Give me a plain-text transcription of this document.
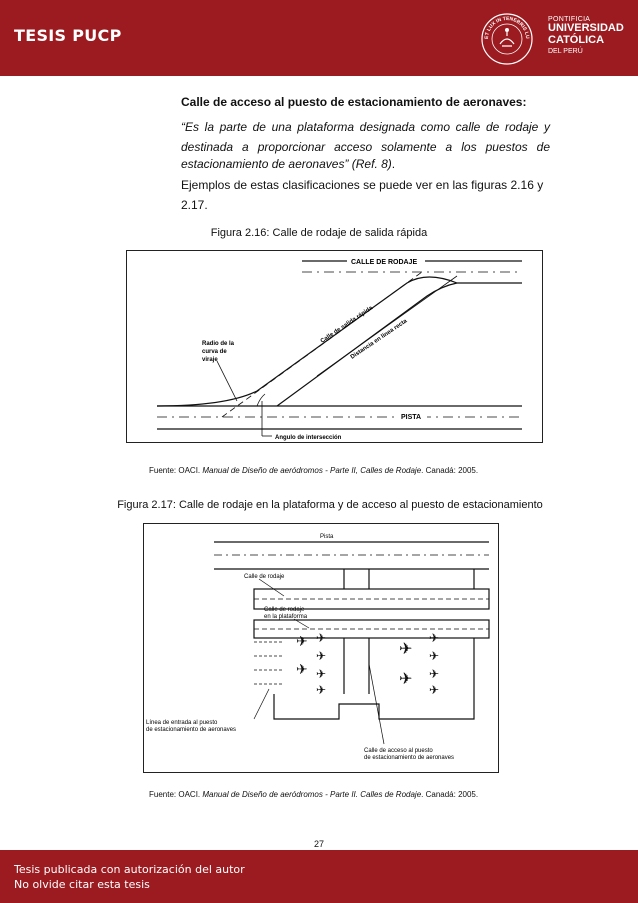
TESIS PUCP	ET LUX IN TENEBRIS LU
PONTIFICIA
UNIVERSIDAD
CATÓLICA
DEL PERÚ
Calle de acceso al puesto de estacionamiento de aeronaves:
“Es la parte de una plataforma designada como calle de rodaje y
destinada a proporcionar acceso solamente a los puestos de
estacionamiento de aeronaves” (Ref. 8).
Ejemplos de estas clasificaciones se puede ver en las figuras 2.16 y
2.17.
Figura 2.16: Calle de rodaje de salida rápida
CALLE DE RODAJE
Calle de salida rápida
Distancia en línea recta
Radio de la
curva de
viraje
PISTA
Angulo de intersección
Fuente: OACI. Manual de Diseño de aeródromos - Parte II, Calles de Rodaje. Canadá: 2005.
Figura 2.17: Calle de rodaje en la plataforma y de acceso al puesto de estacionamiento
✈
✈
✈
✈
✈
✈
✈
✈
✈
✈
✈
✈
Pista
Calle de rodaje
Calle de rodaje
en la plataforma
Línea de entrada al puesto
de estacionamiento de aeronaves
Calle de acceso al puesto
de estacionamiento de aeronaves
Fuente: OACI. Manual de Diseño de aeródromos - Parte II. Calles de Rodaje. Canadá: 2005.
27
Tesis publicada con autorización del autor
No olvide citar esta tesis
